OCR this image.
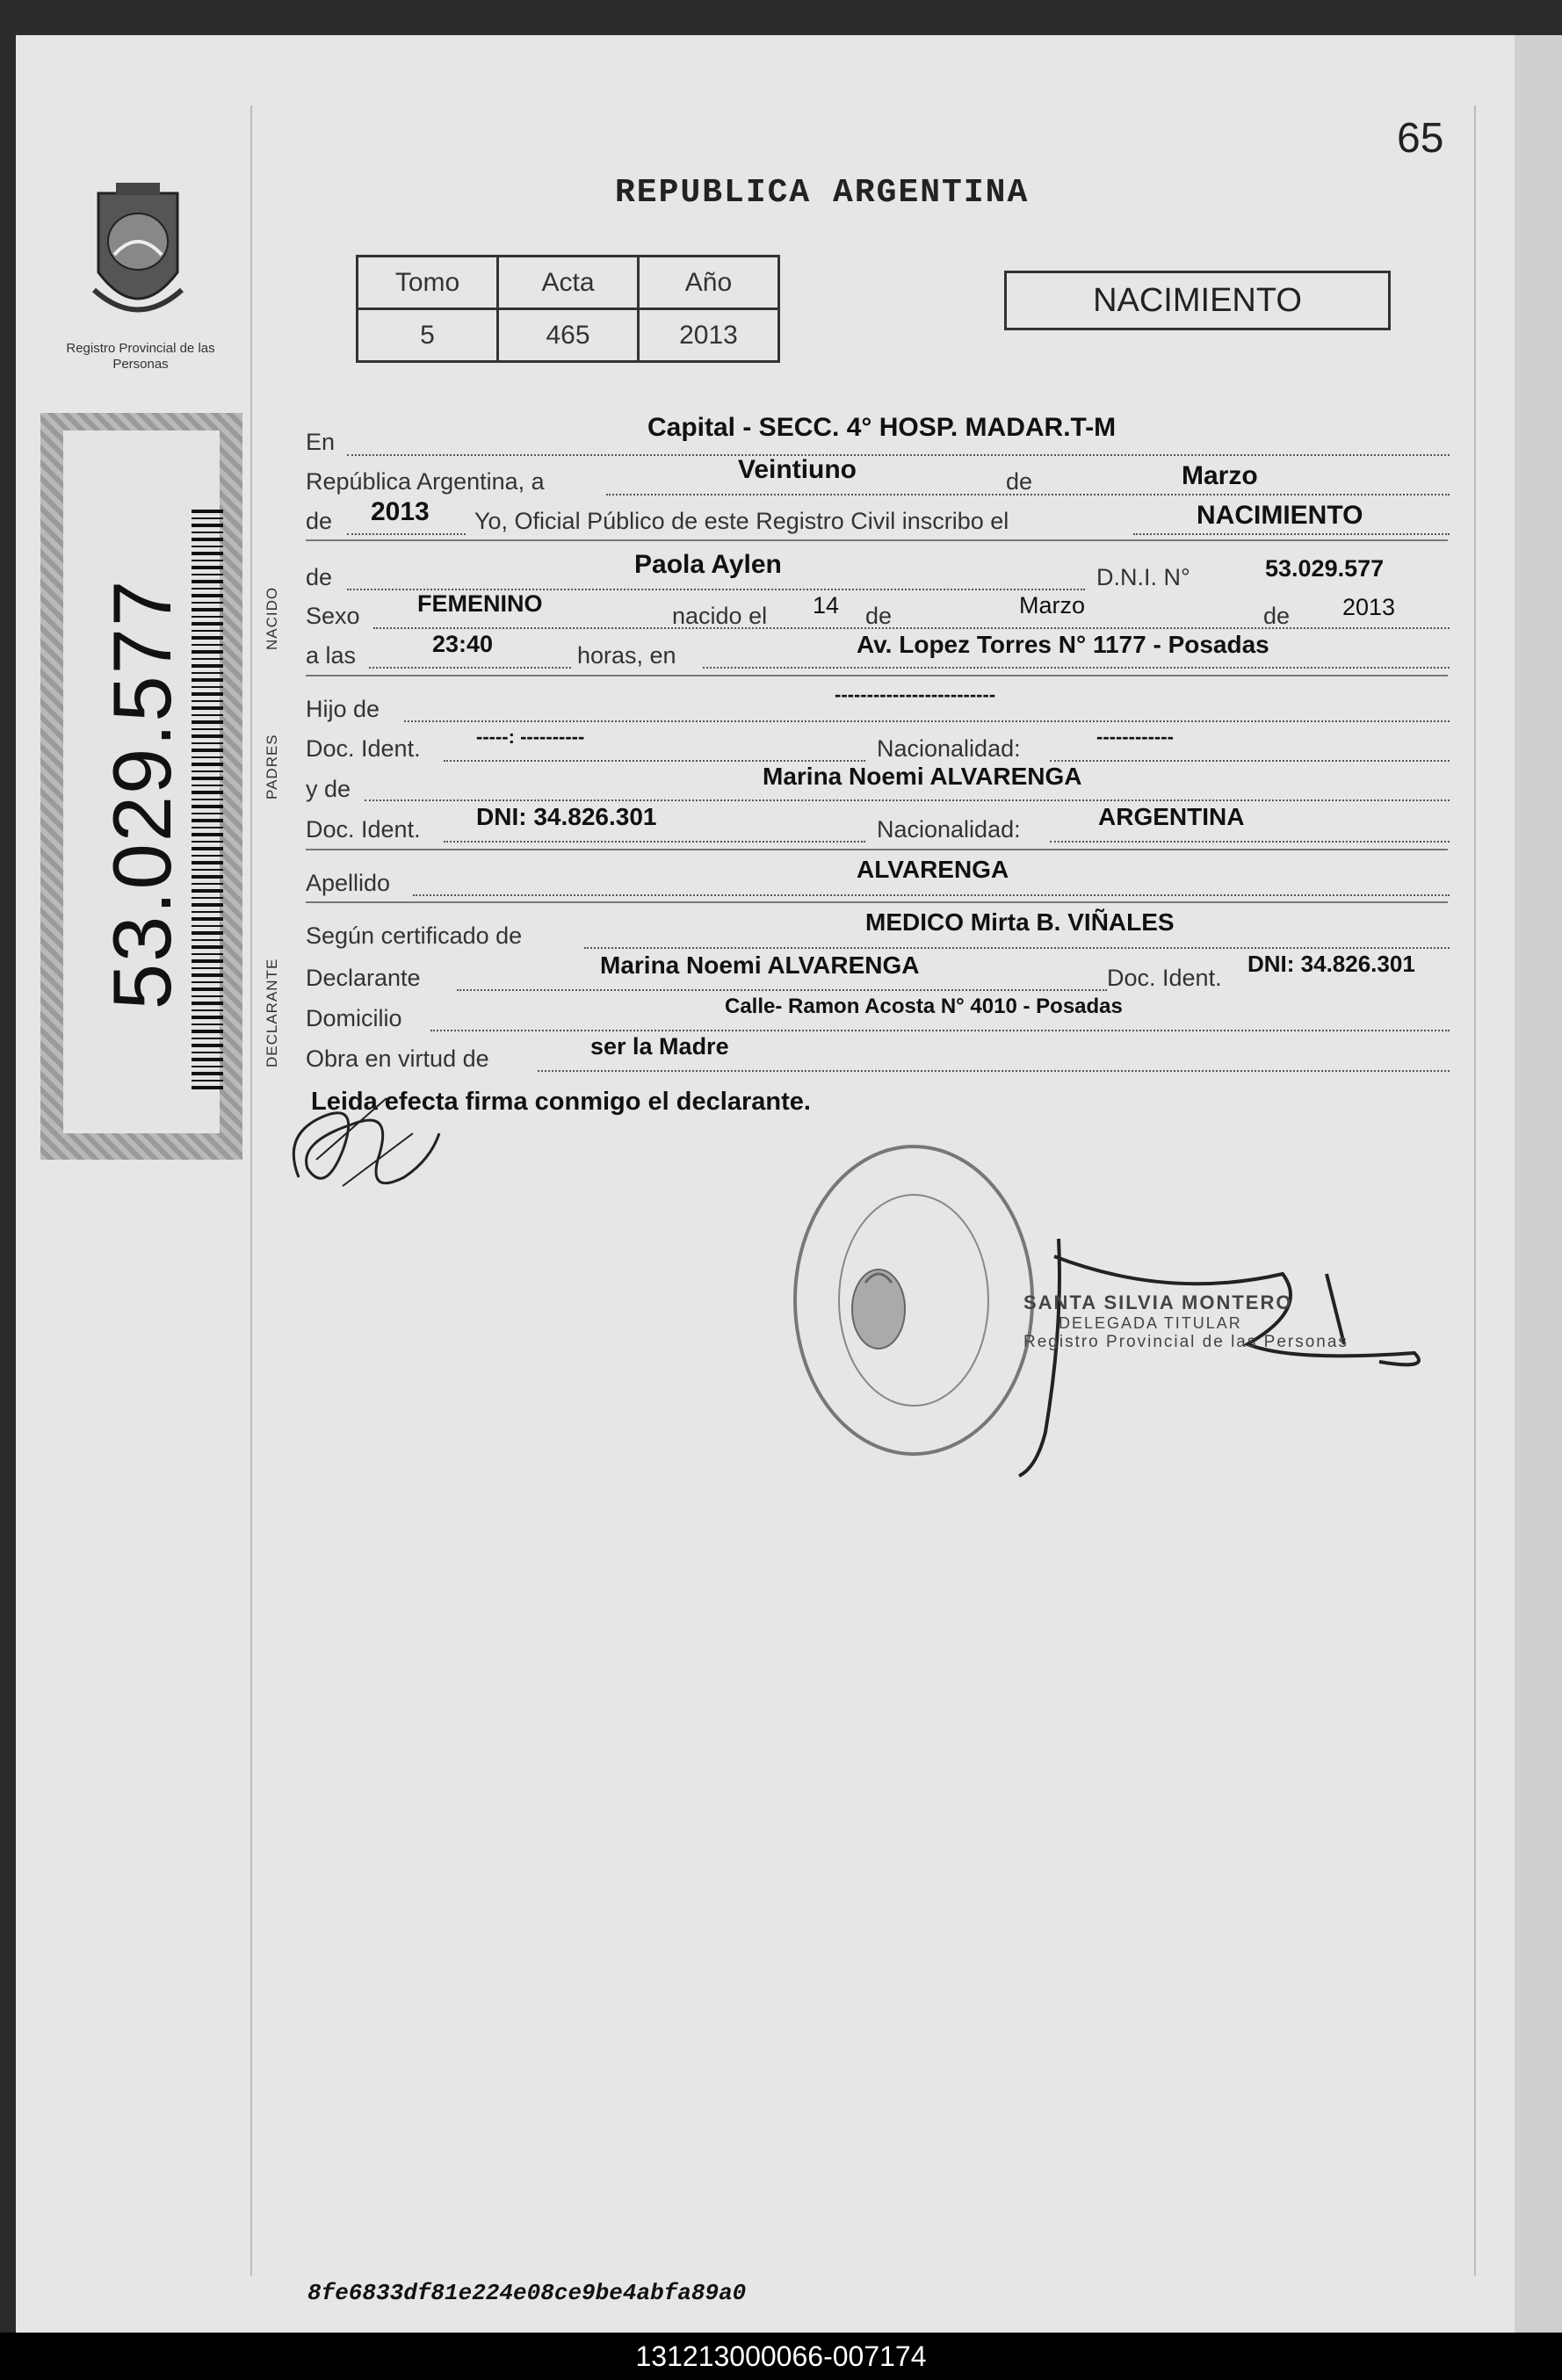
Registro Provincial de las Personas
53.029.577
65
REPUBLICA ARGENTINA
Tomo	Acta	Año
5	465	2013
NACIMIENTO
En	Capital - SECC. 4° HOSP. MADAR.T-M
República Argentina, a	Veintiuno	de	Marzo
de 2013 Yo, Oficial Público de este Registro Civil inscribo el	NACIMIENTO
NACIDO
de	Paola Aylen	D.N.I. N°	53.029.577
Sexo FEMENINO	nacido el 14 de	Marzo	de 2013
a las	23:40	horas, en	Av. Lopez Torres N° 1177 - Posadas
PADRES
Hijo de
-------------------------
Doc. Ident.	-----: ----------	Nacionalidad:	------------
y de	Marina Noemi ALVARENGA
Doc. Ident. DNI: 34.826.301	Nacionalidad:	ARGENTINA
Apellido	ALVARENGA
DECLARANTE
Según certificado de	MEDICO Mirta B. VIÑALES
Declarante	Marina Noemi ALVARENGA	Doc. Ident.
DNI: 34.826.301
Domicilio	Calle- Ramon Acosta N° 4010 - Posadas
Obra en virtud de	ser la Madre
Leida efecta firma conmigo el declarante.
SANTA SILVIA MONTERO
DELEGADA TITULAR
Registro Provincial de las Personas
8fe6833df81e224e08ce9be4abfa89a0
131213000066-007174
